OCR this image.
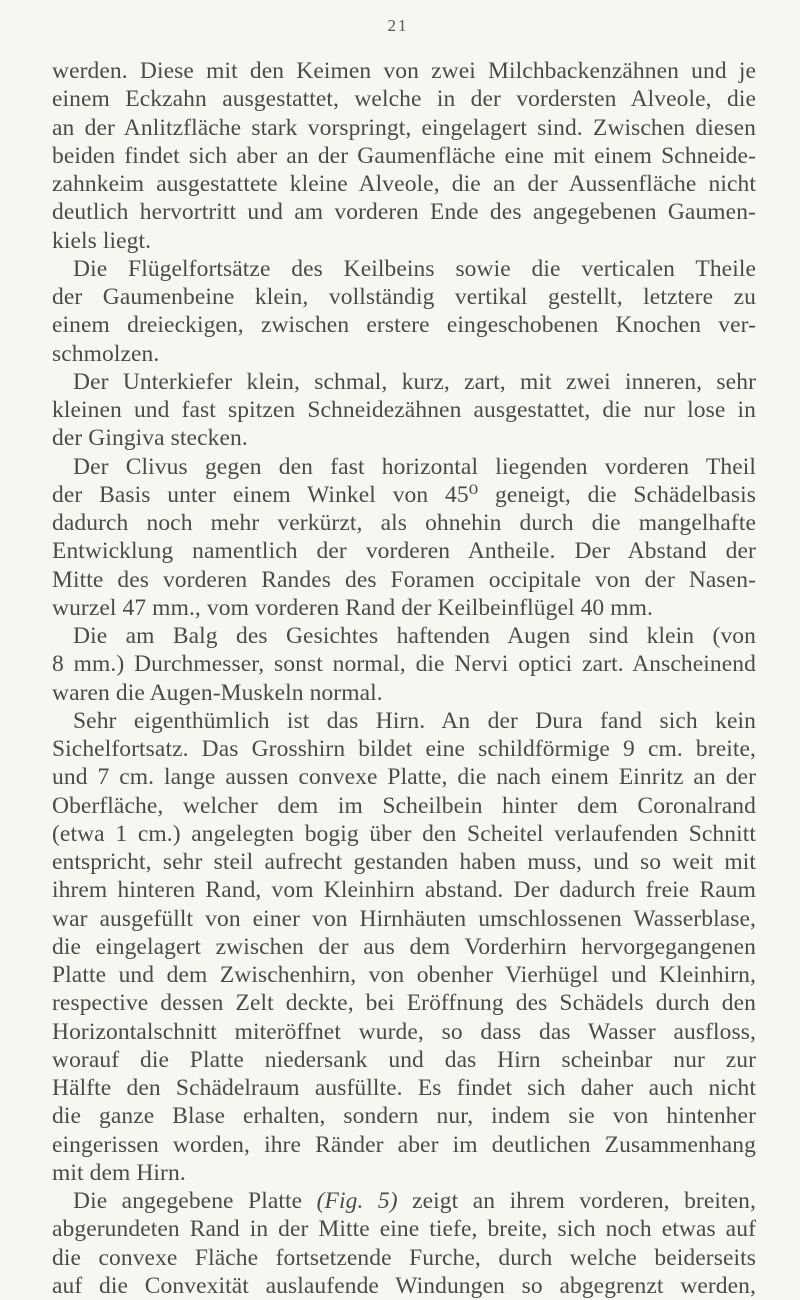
21
werden. Diese mit den Keimen von zwei Milchbackenzähnen und je
einem Eckzahn ausgestattet, welche in der vordersten Alveole, die
an der Anlitzfläche stark vorspringt, eingelagert sind. Zwischen diesen
beiden findet sich aber an der Gaumenfläche eine mit einem Schneide-
zahnkeim ausgestattete kleine Alveole, die an der Aussenfläche nicht
deutlich hervortritt und am vorderen Ende des angegebenen Gaumen-
kiels liegt.
Die Flügelfortsätze des Keilbeins sowie die verticalen Theile
der Gaumenbeine klein, vollständig vertikal gestellt, letztere zu
einem dreieckigen, zwischen erstere eingeschobenen Knochen ver-
schmolzen.
Der Unterkiefer klein, schmal, kurz, zart, mit zwei inneren, sehr
kleinen und fast spitzen Schneidezähnen ausgestattet, die nur lose in
der Gingiva stecken.
Der Clivus gegen den fast horizontal liegenden vorderen Theil
der Basis unter einem Winkel von 45⁰ geneigt, die Schädelbasis
dadurch noch mehr verkürzt, als ohnehin durch die mangelhafte
Entwicklung namentlich der vorderen Antheile. Der Abstand der
Mitte des vorderen Randes des Foramen occipitale von der Nasen-
wurzel 47 mm., vom vorderen Rand der Keilbeinflügel 40 mm.
Die am Balg des Gesichtes haftenden Augen sind klein (von
8 mm.) Durchmesser, sonst normal, die Nervi optici zart. Anscheinend
waren die Augen-Muskeln normal.
Sehr eigenthümlich ist das Hirn. An der Dura fand sich kein
Sichelfortsatz. Das Grosshirn bildet eine schildförmige 9 cm. breite,
und 7 cm. lange aussen convexe Platte, die nach einem Einritz an der
Oberfläche, welcher dem im Scheilbein hinter dem Coronalrand
(etwa 1 cm.) angelegten bogig über den Scheitel verlaufenden Schnitt
entspricht, sehr steil aufrecht gestanden haben muss, und so weit mit
ihrem hinteren Rand, vom Kleinhirn abstand. Der dadurch freie Raum
war ausgefüllt von einer von Hirnhäuten umschlossenen Wasserblase,
die eingelagert zwischen der aus dem Vorderhirn hervorgegangenen
Platte und dem Zwischenhirn, von obenher Vierhügel und Kleinhirn,
respective dessen Zelt deckte, bei Eröffnung des Schädels durch den
Horizontalschnitt miteröffnet wurde, so dass das Wasser ausfloss,
worauf die Platte niedersank und das Hirn scheinbar nur zur
Hälfte den Schädelraum ausfüllte. Es findet sich daher auch nicht
die ganze Blase erhalten, sondern nur, indem sie von hintenher
eingerissen worden, ihre Ränder aber im deutlichen Zusammenhang
mit dem Hirn.
Die angegebene Platte (Fig. 5) zeigt an ihrem vorderen, breiten,
abgerundeten Rand in der Mitte eine tiefe, breite, sich noch etwas auf
die convexe Fläche fortsetzende Furche, durch welche beiderseits
auf die Convexität auslaufende Windungen so abgegrenzt werden,
